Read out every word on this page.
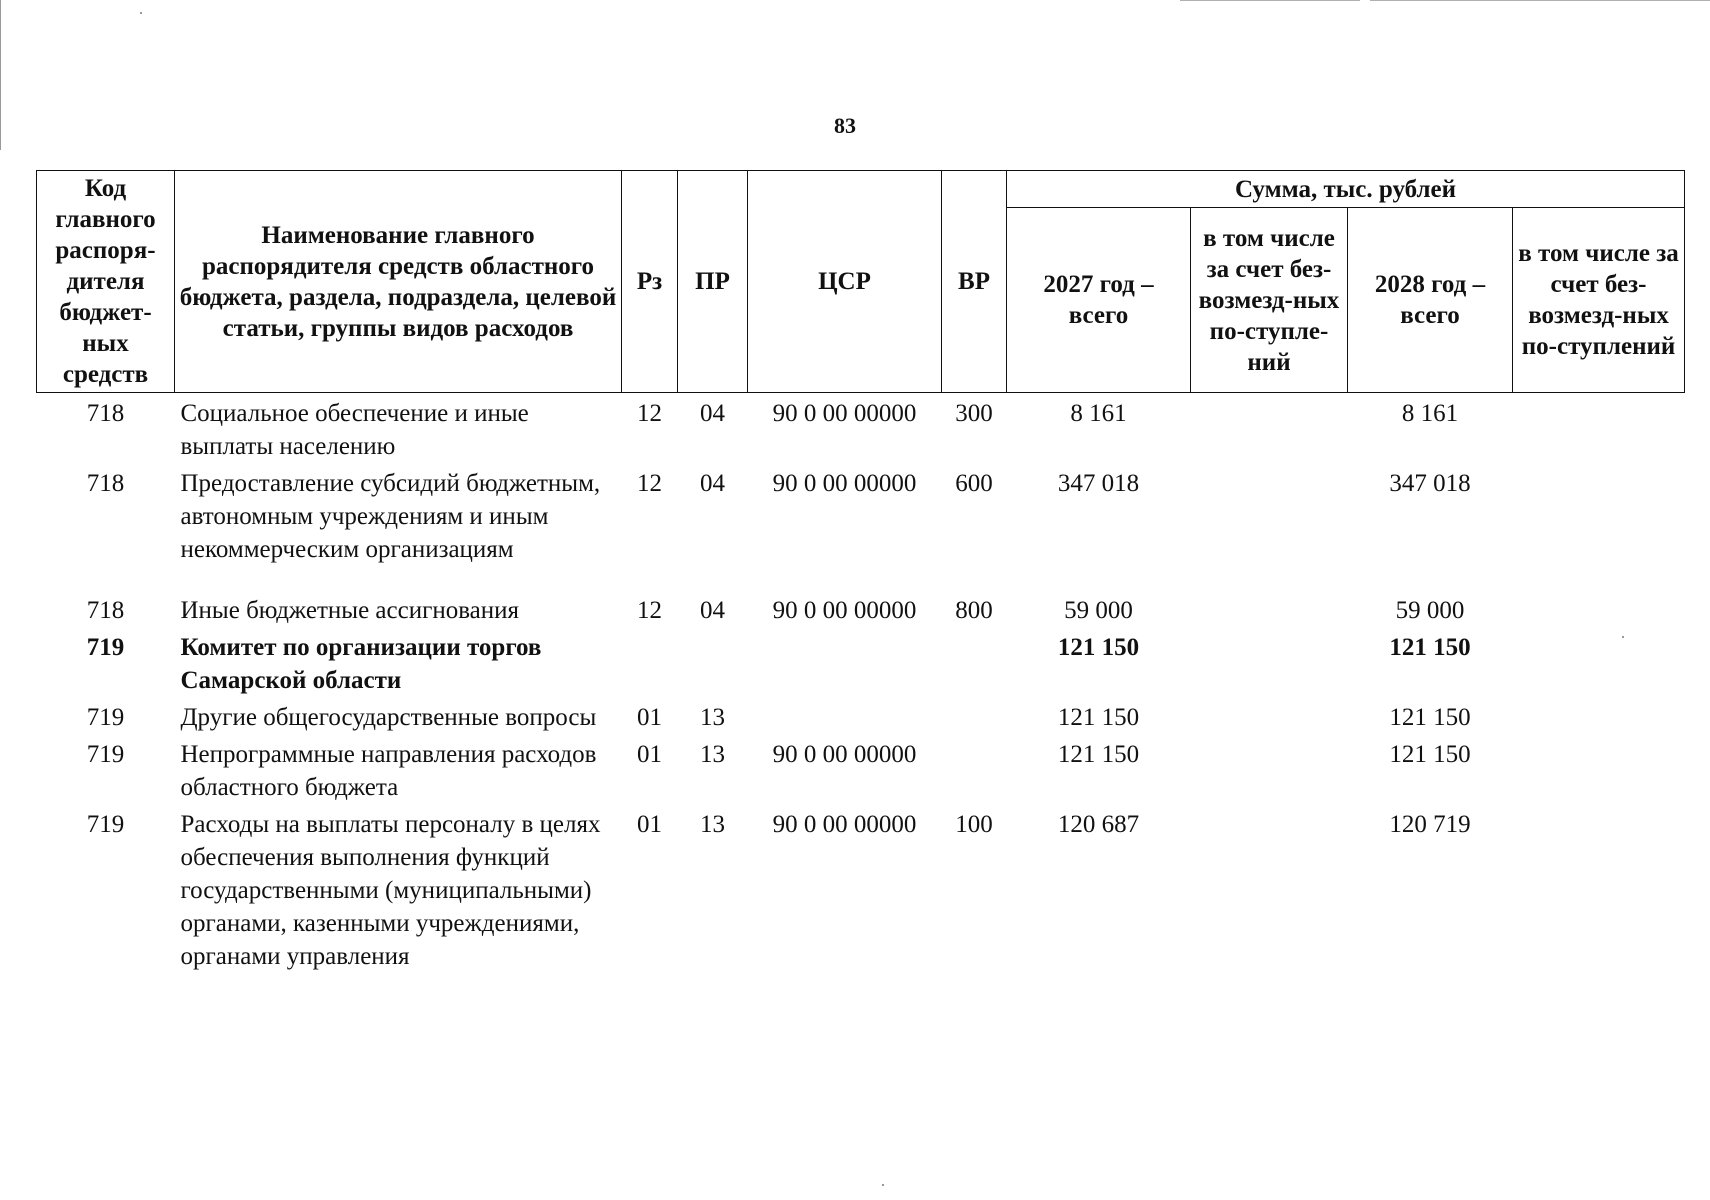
83
Код главного распоря-дителя бюджет-ных средств	Наименование главного распорядителя средств областного бюджета, раздела, подраздела, целевой статьи, группы видов расходов	Рз	ПР	ЦСР	ВР	Сумма, тыс. рублей			
						2027 год – всего	в том числе за счет без-возмезд-ных по-ступле-ний	2028 год – всего	в том числе за счет без-возмезд-ных по-ступлений
718	Социальное обеспечение и иные выплаты населению	12	04	90 0 00 00000	300	8 161		8 161	
718	Предоставление субсидий бюджетным, автономным учреждениям и иным некоммерческим организациям	12	04	90 0 00 00000	600	347 018		347 018	
718	Иные бюджетные ассигнования	12	04	90 0 00 00000	800	59 000		59 000	
719	Комитет по организации торгов Самарской области					121 150		121 150	
719	Другие общегосударственные вопросы	01	13			121 150		121 150	
719	Непрограммные направления расходов областного бюджета	01	13	90 0 00 00000		121 150		121 150	
719	Расходы на выплаты персоналу в целях обеспечения выполнения функций государственными (муниципальными) органами, казенными учреждениями, органами управления	01	13	90 0 00 00000	100	120 687		120 719	
